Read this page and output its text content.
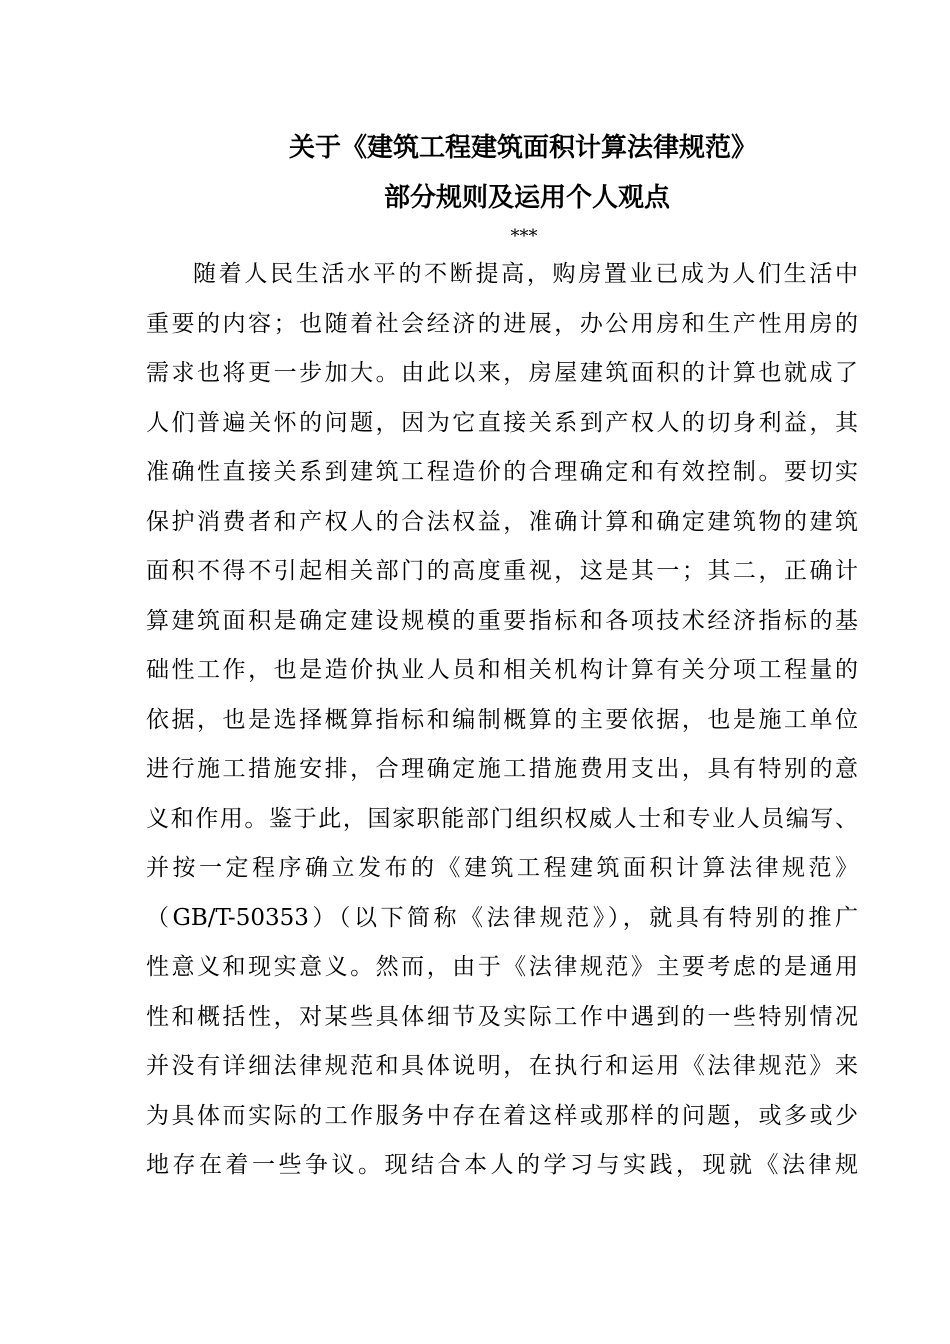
关于《建筑工程建筑面积计算法律规范》
部分规则及运用个人观点
***
随着人民生活水平的不断提高，购房置业已成为人们生活中
重要的内容；也随着社会经济的进展，办公用房和生产性用房的
需求也将更一步加大。由此以来，房屋建筑面积的计算也就成了
人们普遍关怀的问题，因为它直接关系到产权人的切身利益，其
准确性直接关系到建筑工程造价的合理确定和有效控制。要切实
保护消费者和产权人的合法权益，准确计算和确定建筑物的建筑
面积不得不引起相关部门的高度重视，这是其一；其二，正确计
算建筑面积是确定建设规模的重要指标和各项技术经济指标的基
础性工作，也是造价执业人员和相关机构计算有关分项工程量的
依据，也是选择概算指标和编制概算的主要依据，也是施工单位
进行施工措施安排，合理确定施工措施费用支出，具有特别的意
义和作用。鉴于此，国家职能部门组织权威人士和专业人员编写、
并按一定程序确立发布的《建筑工程建筑面积计算法律规范》
（GB/T-50353）（以下简称《法律规范》），就具有特别的推广
性意义和现实意义。然而，由于《法律规范》主要考虑的是通用
性和概括性，对某些具体细节及实际工作中遇到的一些特别情况
并没有详细法律规范和具体说明，在执行和运用《法律规范》来
为具体而实际的工作服务中存在着这样或那样的问题，或多或少
地存在着一些争议。现结合本人的学习与实践，现就《法律规
